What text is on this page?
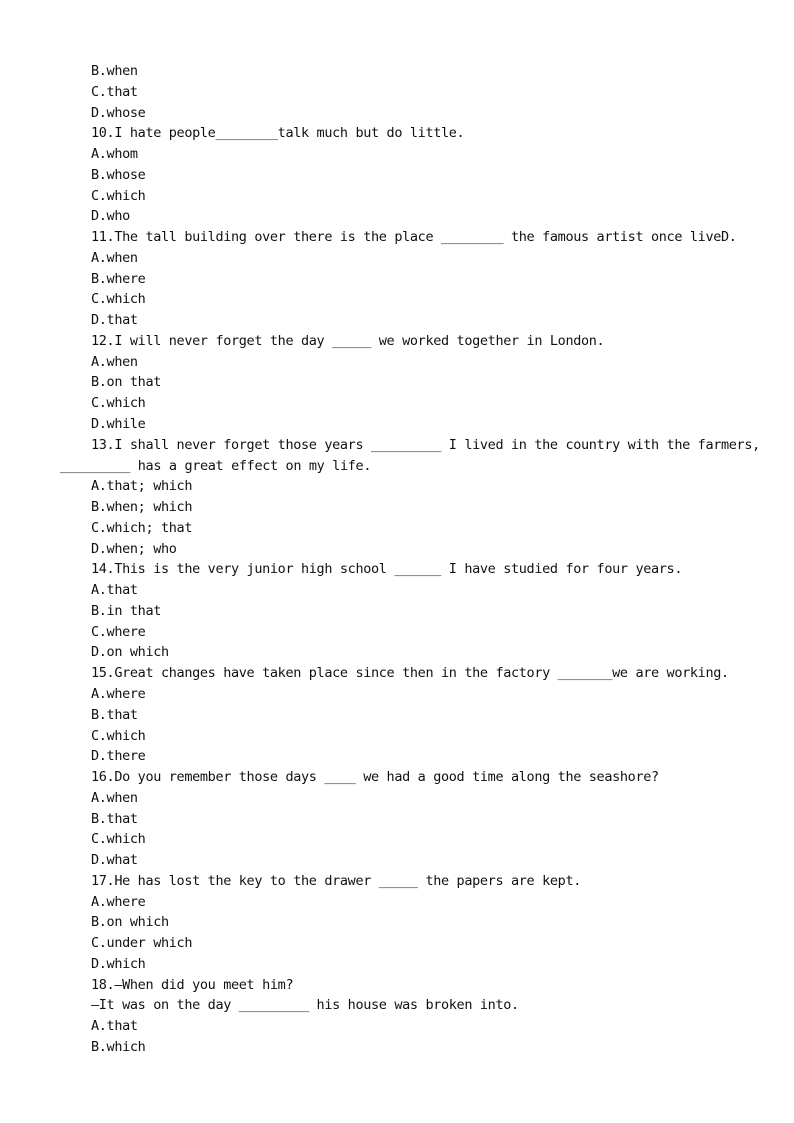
B.when
C.that
D.whose
10.I hate people________talk much but do little.
A.whom
B.whose
C.which
D.who
11.The tall building over there is the place ________ the famous artist once liveD.
A.when
B.where
C.which
D.that
12.I will never forget the day _____ we worked together in London.
A.when
B.on that
C.which
D.while
13.I shall never forget those years _________ I lived in the country with the farmers,
_________ has a great effect on my life.
A.that; which
B.when; which
C.which; that
D.when; who
14.This is the very junior high school ______ I have studied for four years.
A.that
B.in that
C.where
D.on which
15.Great changes have taken place since then in the factory _______we are working.
A.where
B.that
C.which
D.there
16.Do you remember those days ____ we had a good time along the seashore?
A.when
B.that
C.which
D.what
17.He has lost the key to the drawer _____ the papers are kept.
A.where
B.on which
C.under which
D.which
18.—When did you meet him?
—It was on the day _________ his house was broken into.
A.that
B.which
